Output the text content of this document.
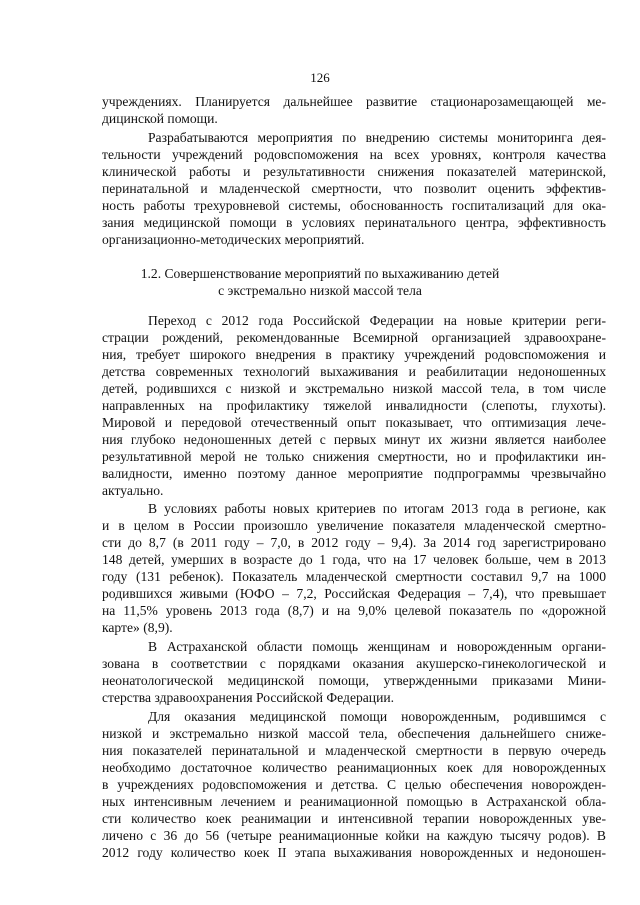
126
учреждениях. Планируется дальнейшее развитие стационарозамещающей ме-
дицинской помощи.
Разрабатываются мероприятия по внедрению системы мониторинга дея-
тельности учреждений родовспоможения на всех уровнях, контроля качества
клинической работы и результативности снижения показателей материнской,
перинатальной и младенческой смертности, что позволит оценить эффектив-
ность работы трехуровневой системы, обоснованность госпитализаций для ока-
зания медицинской помощи в условиях перинатального центра, эффективность
организационно-методических мероприятий.
1.2. Совершенствование мероприятий по выхаживанию детей
с экстремально низкой массой тела
Переход с 2012 года Российской Федерации на новые критерии реги-
страции рождений, рекомендованные Всемирной организацией здравоохране-
ния, требует широкого внедрения в практику учреждений родовспоможения и
детства современных технологий выхаживания и реабилитации недоношенных
детей, родившихся с низкой и экстремально низкой массой тела, в том числе
направленных на профилактику тяжелой инвалидности (слепоты, глухоты).
Мировой и передовой отечественный опыт показывает, что оптимизация лече-
ния глубоко недоношенных детей с первых минут их жизни является наиболее
результативной мерой не только снижения смертности, но и профилактики ин-
валидности, именно поэтому данное мероприятие подпрограммы чрезвычайно
актуально.
В условиях работы новых критериев по итогам 2013 года в регионе, как
и в целом в России произошло увеличение показателя младенческой смертно-
сти до 8,7 (в 2011 году – 7,0, в 2012 году – 9,4). За 2014 год зарегистрировано
148 детей, умерших в возрасте до 1 года, что на 17 человек больше, чем в 2013
году (131 ребенок). Показатель младенческой смертности составил 9,7 на 1000
родившихся живыми (ЮФО – 7,2, Российская Федерация – 7,4), что превышает
на 11,5% уровень 2013 года (8,7) и на 9,0% целевой показатель по «дорожной
карте» (8,9).
В Астраханской области помощь женщинам и новорожденным органи-
зована в соответствии с порядками оказания акушерско-гинекологической и
неонатологической медицинской помощи, утвержденными приказами Мини-
стерства здравоохранения Российской Федерации.
Для оказания медицинской помощи новорожденным, родившимся с
низкой и экстремально низкой массой тела, обеспечения дальнейшего сниже-
ния показателей перинатальной и младенческой смертности в первую очередь
необходимо достаточное количество реанимационных коек для новорожденных
в учреждениях родовспоможения и детства. С целью обеспечения новорожден-
ных интенсивным лечением и реанимационной помощью в Астраханской обла-
сти количество коек реанимации и интенсивной терапии новорожденных уве-
личено с 36 до 56 (четыре реанимационные койки на каждую тысячу родов). В
2012 году количество коек II этапа выхаживания новорожденных и недоношен-
